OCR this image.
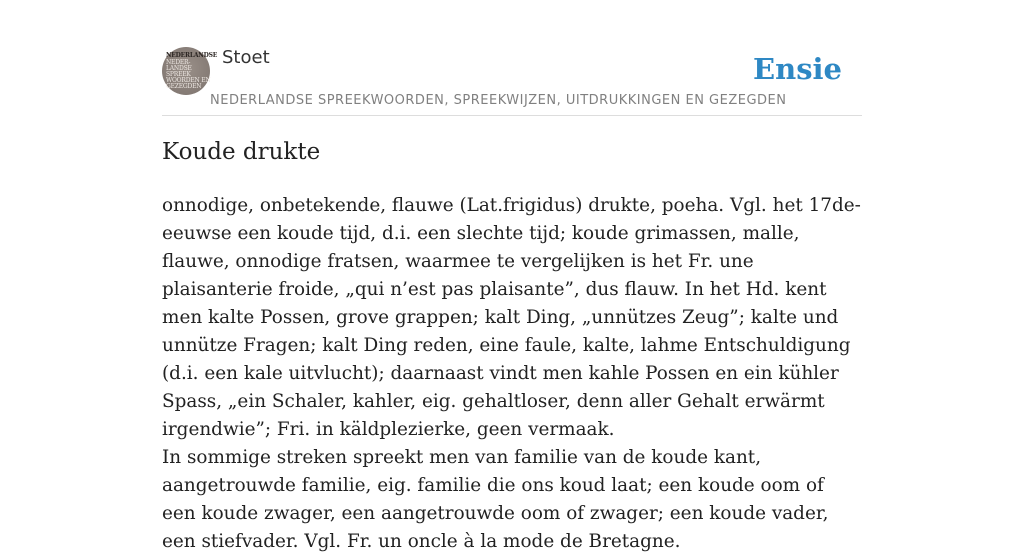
NEDERLANDSE
NEDER-
LANDSE
SPREEK
WOORDEN EN
GEZEGDEN
Stoet	Ensie
NEDERLANDSE SPREEKWOORDEN, SPREEKWIJZEN, UITDRUKKINGEN EN GEZEGDEN
Koude drukte

onnodige, onbetekende, flauwe (Lat.frigidus) drukte, poeha. Vgl. het 17de-eeuwse een koude tijd, d.i. een slechte tijd; koude grimassen, malle, flauwe, onnodige fratsen, waarmee te vergelijken is het Fr. une plaisanterie froide, „qui n’est pas plaisante”, dus flauw. In het Hd. kent men kalte Possen, grove grappen; kalt Ding, „unnützes Zeug”; kalte und unnütze Fragen; kalt Ding reden, eine faule, kalte, lahme Entschuldigung (d.i. een kale uitvlucht); daarnaast vindt men kahle Possen en ein kühler Spass, „ein Schaler, kahler, eig. gehaltloser, denn aller Gehalt erwärmt irgendwie”; Fri. in käldplezierke, geen vermaak.

In sommige streken spreekt men van familie van de koude kant, aangetrouwde familie, eig. familie die ons koud laat; een koude oom of een koude zwager, een aangetrouwde oom of zwager; een koude vader, een stiefvader. Vgl. Fr. un oncle à la mode de Bretagne.
